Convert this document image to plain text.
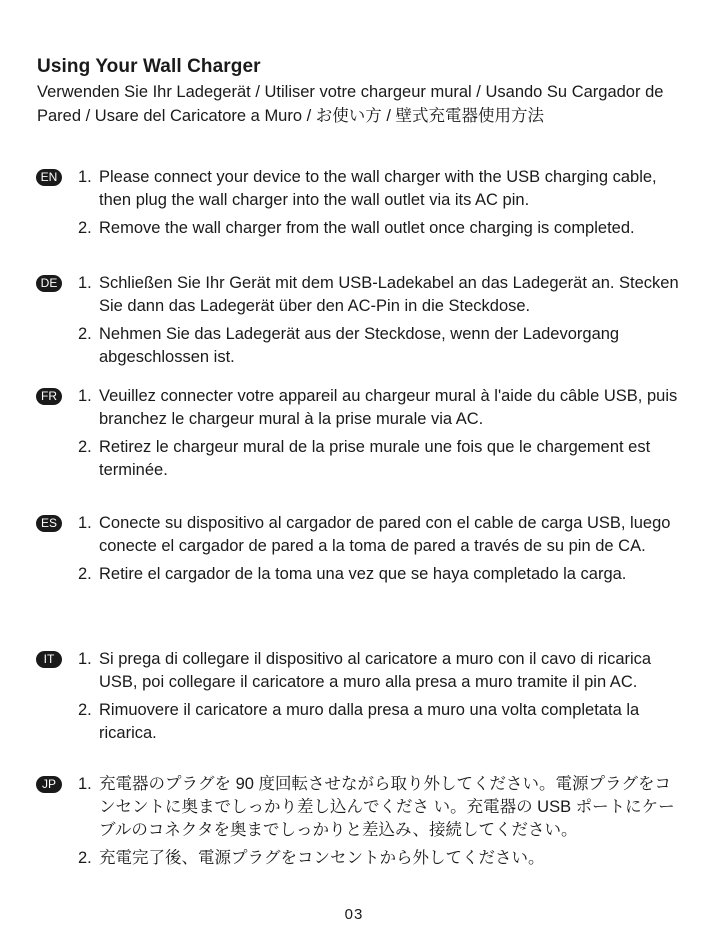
Using Your Wall Charger
Verwenden Sie Ihr Ladegerät / Utiliser votre chargeur mural / Usando Su Cargador de Pared / Usare del Caricatore a Muro / お使い方 / 壁式充電器使用方法
EN 1. Please connect your device to the wall charger with the USB charging cable, then plug the wall charger into the wall outlet via its AC pin.
2. Remove the wall charger from the wall outlet once charging is completed.
DE 1. Schließen Sie Ihr Gerät mit dem USB-Ladekabel an das Ladegerät an. Stecken Sie dann das Ladegerät über den AC-Pin in die Steckdose.
2. Nehmen Sie das Ladegerät aus der Steckdose, wenn der Ladevorgang abgeschlossen ist.
FR	1. Veuillez connecter votre appareil au chargeur mural à l'aide du câble USB, puis branchez le chargeur mural à la prise murale via AC.
2. Retirez le chargeur mural de la prise murale une fois que le chargement est terminée.
ES	1. Conecte su dispositivo al cargador de pared con el cable de carga USB, luego conecte el cargador de pared a la toma de pared a través de su pin de CA.
2. Retire el cargador de la toma una vez que se haya completado la carga.
IT	1. Si prega di collegare il dispositivo al caricatore a muro con il cavo di ricarica USB, poi collegare il caricatore a muro alla presa a muro tramite il pin AC.
2. Rimuovere il caricatore a muro dalla presa a muro una volta completata la ricarica.
JP	1. 充電器のプラグを 90 度回転させながら取り外してください。電源プラグをコンセントに奥までしっかり差し込んでくださ い。充電器の USB ポートにケーブルのコネクタを奥までしっかりと差込み、接続してください。
2. 充電完了後、電源プラグをコンセントから外してください。
03
